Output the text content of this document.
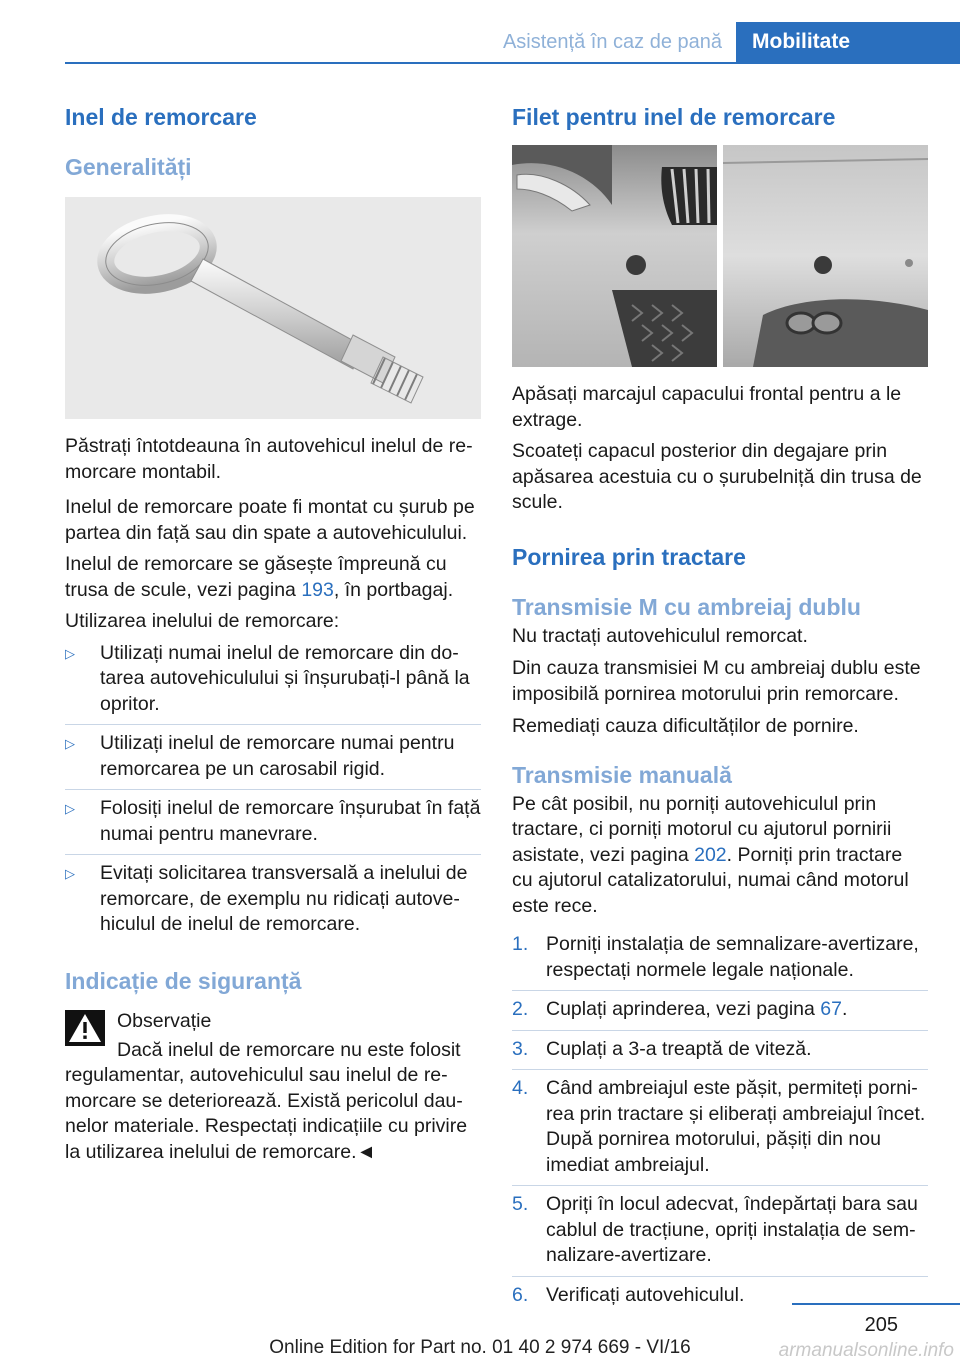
Asistență în caz de pană	Mobilitate
Inel de remorcare
Generalități

Păstrați întotdeauna în autovehicul inelul de remorcare montabil.

Inelul de remorcare poate fi montat cu șurub pe partea din față sau din spate a autovehiculului.

Inelul de remorcare se găsește împreună cu trusa de scule, vezi pagina 193, în portbagaj.

Utilizarea inelului de remorcare:

▷	Utilizați numai inelul de remorcare din dotarea autovehiculului și înșurubați-l până la opritor.
▷	Utilizați inelul de remorcare numai pentru remorcarea pe un carosabil rigid.
▷	Folosiți inelul de remorcare înșurubat în față numai pentru manevrare.
▷	Evitați solicitarea transversală a inelului de remorcare, de exemplu nu ridicați autovehiculul de inelul de remorcare.
Indicație de siguranță

Observație

Dacă inelul de remorcare nu este folosit regulamentar, autovehiculul sau inelul de remorcare se deteriorează. Există pericolul daunelor materiale. Respectați indicațiile cu privire la utilizarea inelului de remorcare.◄

Filet pentru inel de remorcare

Apăsați marcajul capacului frontal pentru a le extrage.

Scoateți capacul posterior din degajare prin apăsarea acestuia cu o șurubelniță din trusa de scule.

Pornirea prin tractare
Transmisie M cu ambreiaj dublu

Nu tractați autovehiculul remorcat.

Din cauza transmisiei M cu ambreiaj dublu este imposibilă pornirea motorului prin remorcare.

Remediați cauza dificultăților de pornire.

Transmisie manuală

Pe cât posibil, nu porniți autovehiculul prin tractare, ci porniți motorul cu ajutorul pornirii asistate, vezi pagina 202. Porniți prin tractare cu ajutorul catalizatorului, numai când motorul este rece.

1. Porniți instalația de semnalizare-avertizare, respectați normele legale naționale.
2. Cuplați aprinderea, vezi pagina 67.
3. Cuplați a 3-a treaptă de viteză.
4. Când ambreiajul este pășit, permiteți pornirea prin tractare și eliberați ambreiajul încet. După pornirea motorului, pășiți din nou imediat ambreiajul.
5. Opriți în locul adecvat, îndepărtați bara sau cablul de tracțiune, opriți instalația de semnalizare-avertizare.
6. Verificați autovehiculul.
205
Online Edition for Part no. 01 40 2 974 669 - VI/16	armanualsonline.info
